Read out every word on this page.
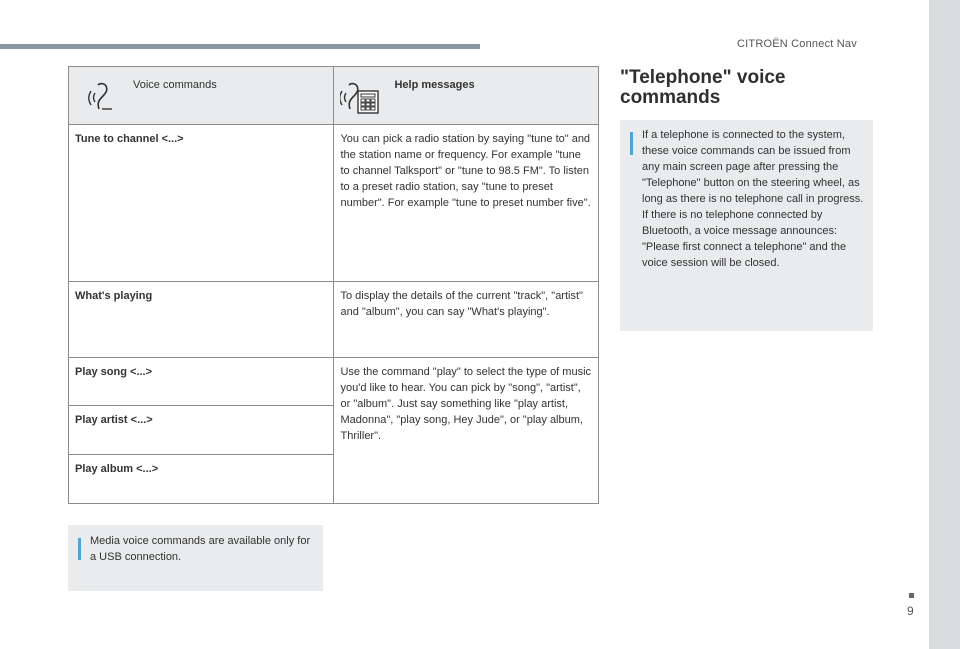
CITROËN Connect Nav
9
Voice commands	Help messages

Tune to channel <...>	You can pick a radio station by saying "tune to" and the station name or frequency. For example "tune to channel Talksport" or "tune to 98.5 FM". To listen to a preset radio station, say "tune to preset number". For example "tune to preset number five".
What's playing	To display the details of the current "track", "artist" and "album", you can say "What's playing".
Play song <...>	Use the command "play" to select the type of music you'd like to hear. You can pick by "song", "artist", or "album". Just say something like "play artist, Madonna", "play song, Hey Jude", or "play album, Thriller".
Play artist <...>	
Play album <...>	

Media voice commands are available only for a USB connection.

"Telephone" voice commands

If a telephone is connected to the system, these voice commands can be issued from any main screen page after pressing the "Telephone" button on the steering wheel, as long as there is no telephone call in progress.

If there is no telephone connected by Bluetooth, a voice message announces: "Please first connect a telephone" and the voice session will be closed.
